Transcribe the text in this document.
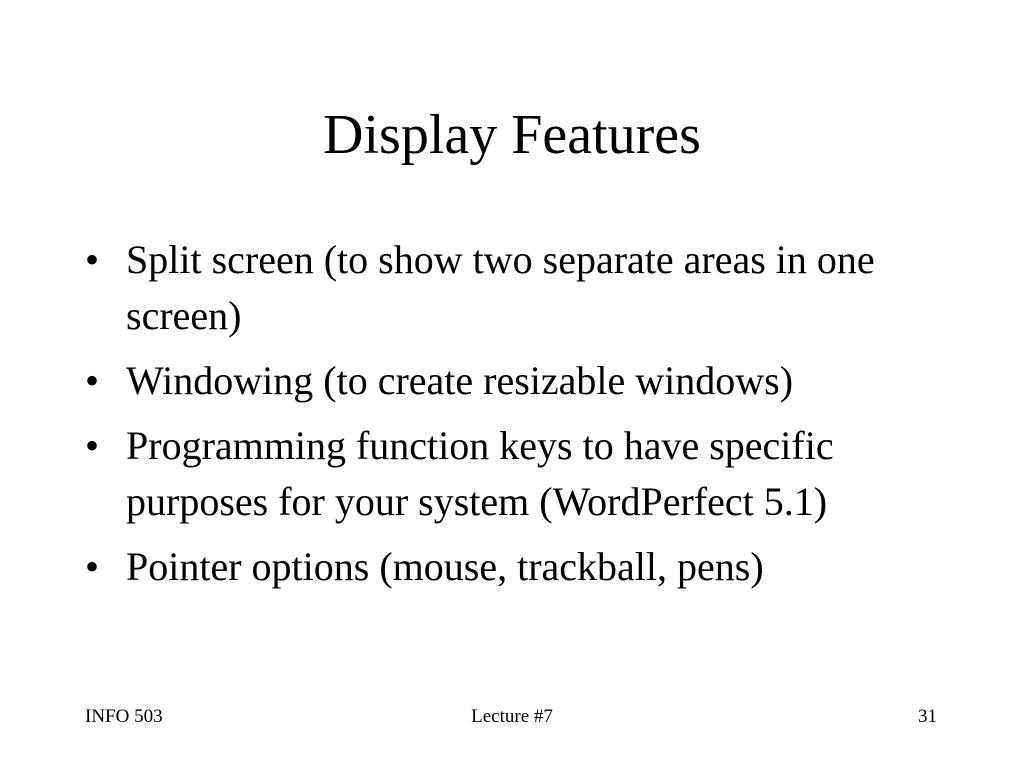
Display Features
• Split screen (to show two separate areas in one screen)
• Windowing (to create resizable windows)
• Programming function keys to have specific purposes for your system (WordPerfect 5.1)
• Pointer options (mouse, trackball, pens)
INFO 503	Lecture #7	31
